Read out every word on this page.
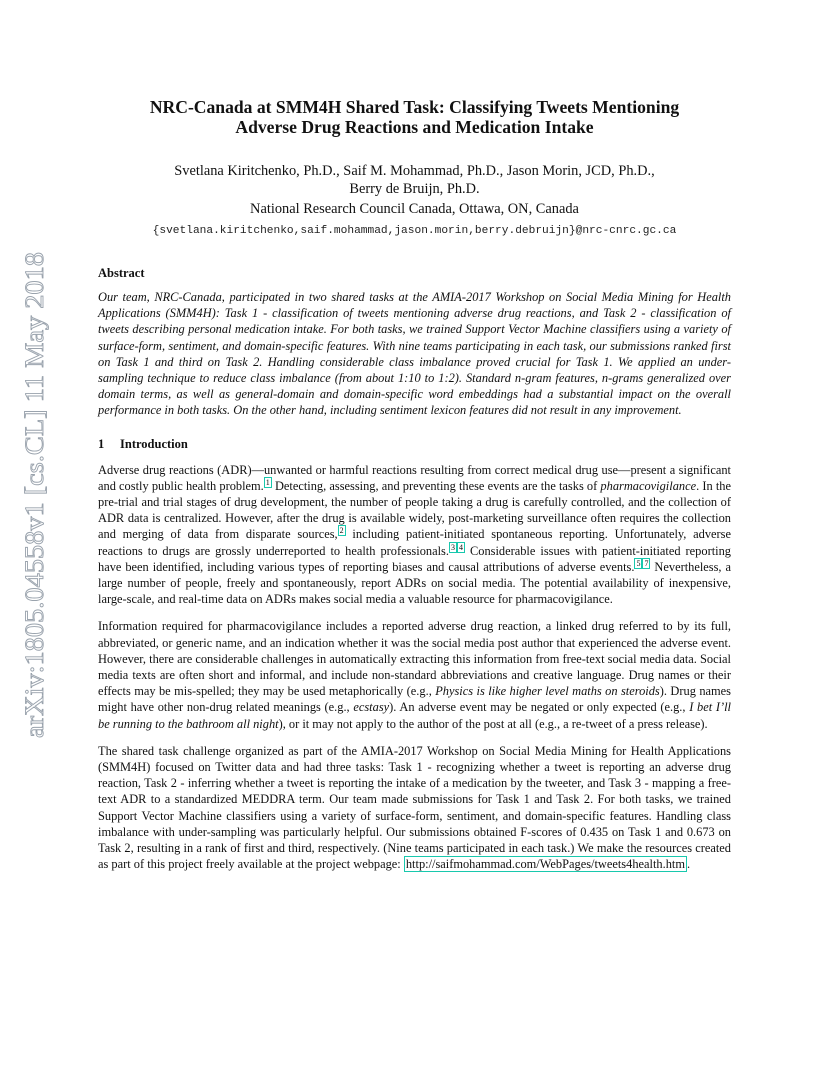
arXiv:1805.04558v1 [cs.CL] 11 May 2018
NRC-Canada at SMM4H Shared Task: Classifying Tweets Mentioning
Adverse Drug Reactions and Medication Intake
Svetlana Kiritchenko, Ph.D., Saif M. Mohammad, Ph.D., Jason Morin, JCD, Ph.D.,
Berry de Bruijn, Ph.D.
National Research Council Canada, Ottawa, ON, Canada
{svetlana.kiritchenko,saif.mohammad,jason.morin,berry.debruijn}@nrc-cnrc.gc.ca
Abstract
Our team, NRC-Canada, participated in two shared tasks at the AMIA-2017 Workshop on Social Media Mining for Health Applications (SMM4H): Task 1 - classification of tweets mentioning adverse drug reactions, and Task 2 - classification of tweets describing personal medication intake. For both tasks, we trained Support Vector Machine classifiers using a variety of surface-form, sentiment, and domain-specific features. With nine teams participating in each task, our submissions ranked first on Task 1 and third on Task 2. Handling considerable class imbalance proved crucial for Task 1. We applied an under-sampling technique to reduce class imbalance (from about 1:10 to 1:2). Standard n-gram features, n-grams generalized over domain terms, as well as general-domain and domain-specific word embeddings had a substantial impact on the overall performance in both tasks. On the other hand, including sentiment lexicon features did not result in any improvement.
1 Introduction

Adverse drug reactions (ADR)—unwanted or harmful reactions resulting from correct medical drug use—present a significant and costly public health problem. $^1$ Detecting, assessing, and preventing these events are the tasks of pharmacovigilance. In the pre-trial and trial stages of drug development, the number of people taking a drug is carefully controlled, and the collection of ADR data is centralized. However, after the drug is available widely, post-marketing surveillance often requires the collection and merging of data from disparate sources, $^2$ including patient-initiated spontaneous reporting. Unfortunately, adverse reactions to drugs are grossly underreported to health professionals. $^3$ $^4$ Considerable issues with patient-initiated reporting have been identified, including various types of reporting biases and causal attributions of adverse events. $^5$ $^7$ Nevertheless, a large number of people, freely and spontaneously, report ADRs on social media. The potential availability of inexpensive, large-scale, and real-time data on ADRs makes social media a valuable resource for pharmacovigilance.

Information required for pharmacovigilance includes a reported adverse drug reaction, a linked drug referred to by its full, abbreviated, or generic name, and an indication whether it was the social media post author that experienced the adverse event. However, there are considerable challenges in automatically extracting this information from free-text social media data. Social media texts are often short and informal, and include non-standard abbreviations and creative language. Drug names or their effects may be mis-spelled; they may be used metaphorically (e.g., Physics is like higher level maths on steroids). Drug names might have other non-drug related meanings (e.g., ecstasy). An adverse event may be negated or only expected (e.g., I bet I’ll be running to the bathroom all night), or it may not apply to the author of the post at all (e.g., a re-tweet of a press release).

The shared task challenge organized as part of the AMIA-2017 Workshop on Social Media Mining for Health Applications (SMM4H) focused on Twitter data and had three tasks: Task 1 - recognizing whether a tweet is reporting an adverse drug reaction, Task 2 - inferring whether a tweet is reporting the intake of a medication by the tweeter, and Task 3 - mapping a free-text ADR to a standardized MEDDRA term. Our team made submissions for Task 1 and Task 2. For both tasks, we trained Support Vector Machine classifiers using a variety of surface-form, sentiment, and domain-specific features. Handling class imbalance with under-sampling was particularly helpful. Our submissions obtained F-scores of 0.435 on Task 1 and 0.673 on Task 2, resulting in a rank of first and third, respectively. (Nine teams participated in each task.) We make the resources created as part of this project freely available at the project webpage: http://saifmohammad.com/WebPages/tweets4health.htm .
